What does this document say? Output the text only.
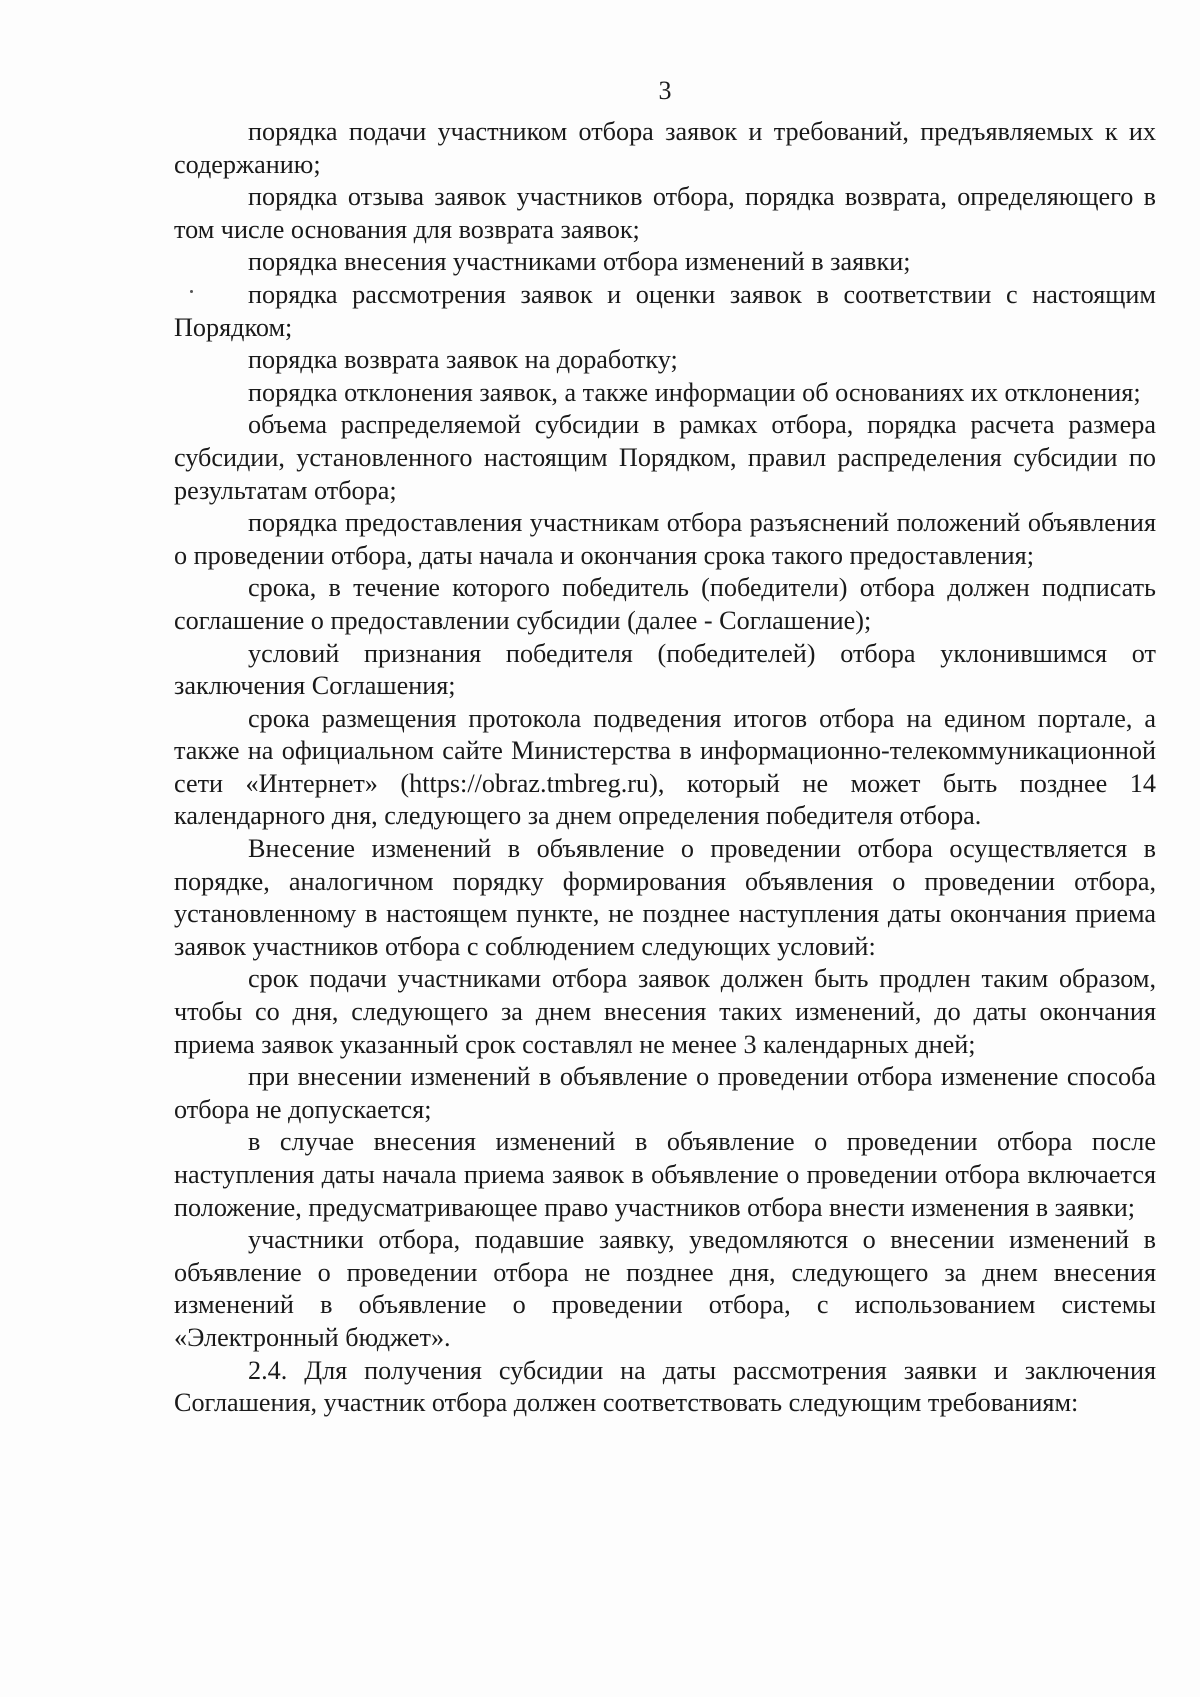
3

порядка подачи участником отбора заявок и требований, предъявляемых к их содержанию;

порядка отзыва заявок участников отбора, порядка возврата, определяющего в том числе основания для возврата заявок;

порядка внесения участниками отбора изменений в заявки;

порядка рассмотрения заявок и оценки заявок в соответствии с настоящим Порядком;

порядка возврата заявок на доработку;

порядка отклонения заявок, а также информации об основаниях их отклонения;

объема распределяемой субсидии в рамках отбора, порядка расчета размера субсидии, установленного настоящим Порядком, правил распределения субсидии по результатам отбора;

порядка предоставления участникам отбора разъяснений положений объявления о проведении отбора, даты начала и окончания срока такого предоставления;

срока, в течение которого победитель (победители) отбора должен подписать соглашение о предоставлении субсидии (далее - Соглашение);

условий признания победителя (победителей) отбора уклонившимся от заключения Соглашения;

срока размещения протокола подведения итогов отбора на едином портале, а также на официальном сайте Министерства в информационно-телекоммуникационной сети «Интернет» (https://obraz.tmbreg.ru), который не может быть позднее 14 календарного дня, следующего за днем определения победителя отбора.

Внесение изменений в объявление о проведении отбора осуществляется в порядке, аналогичном порядку формирования объявления о проведении отбора, установленному в настоящем пункте, не позднее наступления даты окончания приема заявок участников отбора с соблюдением следующих условий:

срок подачи участниками отбора заявок должен быть продлен таким образом, чтобы со дня, следующего за днем внесения таких изменений, до даты окончания приема заявок указанный срок составлял не менее 3 календарных дней;

при внесении изменений в объявление о проведении отбора изменение способа отбора не допускается;

в случае внесения изменений в объявление о проведении отбора после наступления даты начала приема заявок в объявление о проведении отбора включается положение, предусматривающее право участников отбора внести изменения в заявки;

участники отбора, подавшие заявку, уведомляются о внесении изменений в объявление о проведении отбора не позднее дня, следующего за днем внесения изменений в объявление о проведении отбора, с использованием системы «Электронный бюджет».

2.4. Для получения субсидии на даты рассмотрения заявки и заключения Соглашения, участник отбора должен соответствовать следующим требованиям:
